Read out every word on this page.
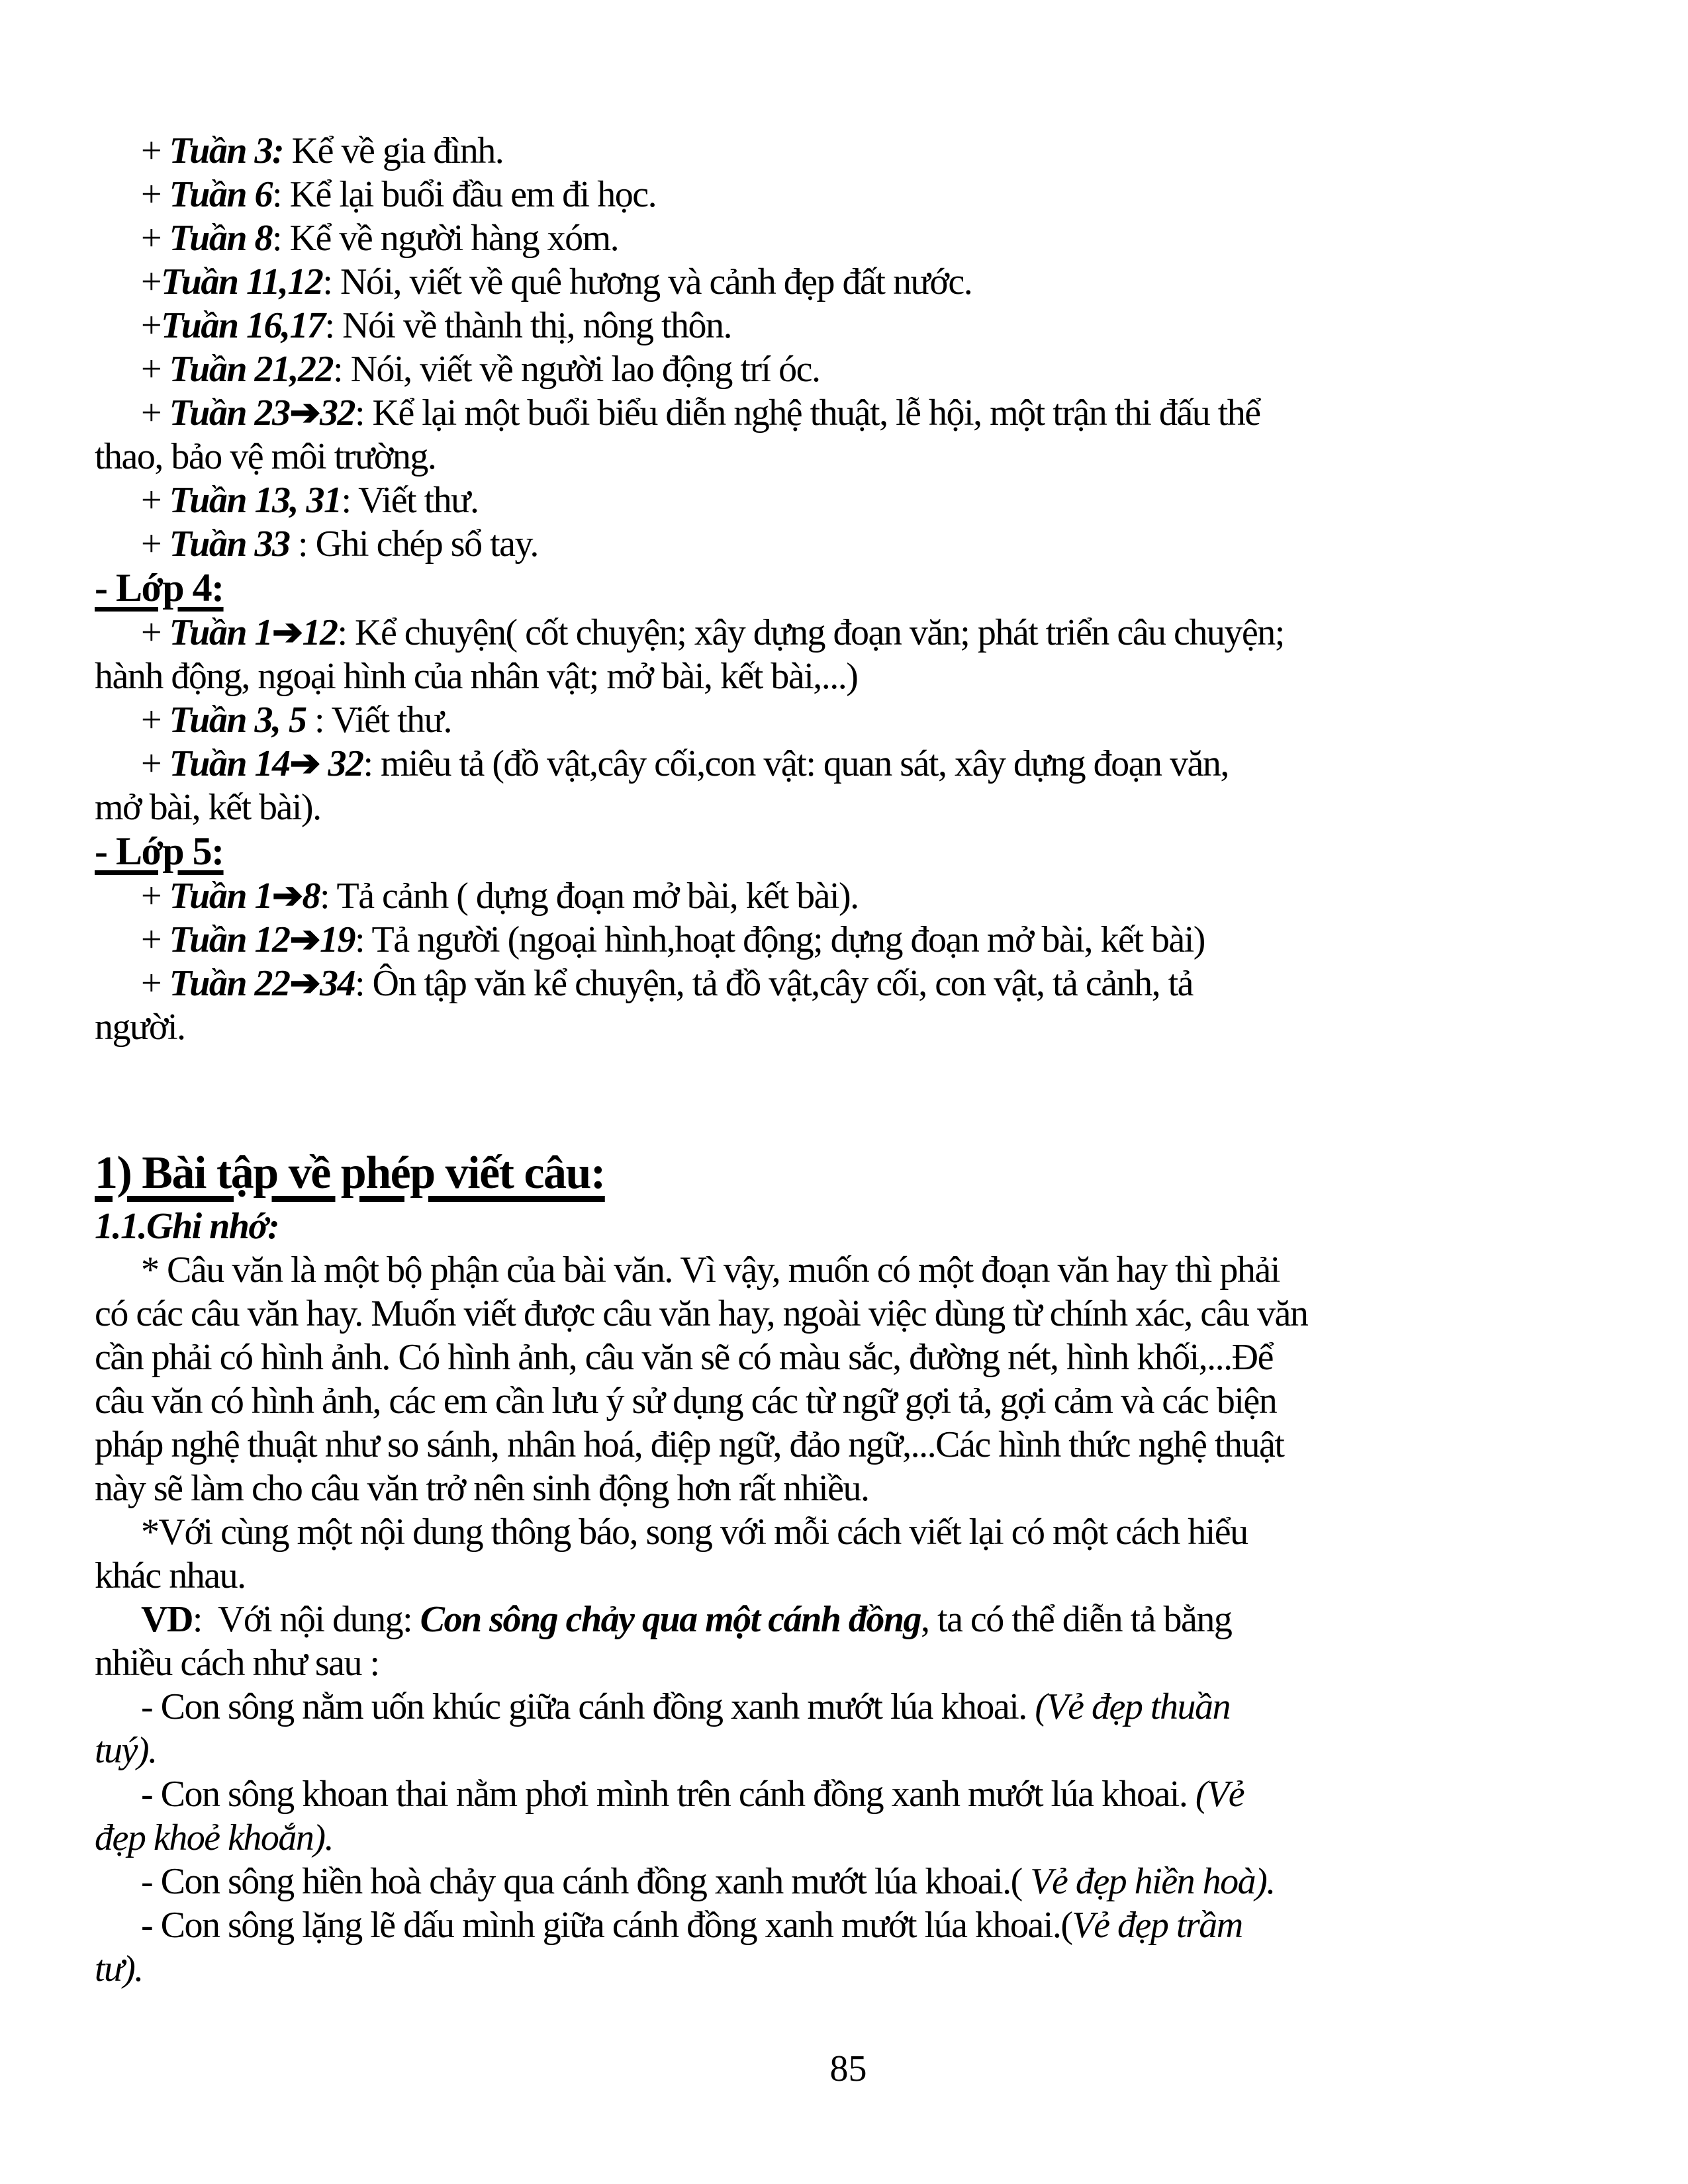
+ Tuần 3: Kể về gia đình.
+ Tuần 6: Kể lại buổi đầu em đi học.
+ Tuần 8: Kể về người hàng xóm.
+Tuần 11,12: Nói, viết về quê hương và cảnh đẹp đất nước.
+Tuần 16,17: Nói về thành thị, nông thôn.
+ Tuần 21,22: Nói, viết về người lao động trí óc.
+ Tuần 23➔32: Kể lại một buổi biểu diễn nghệ thuật, lễ hội, một trận thi đấu thể
thao, bảo vệ môi trường.
+ Tuần 13, 31: Viết thư.
+ Tuần 33 : Ghi chép sổ tay.
- Lớp 4:
+ Tuần 1➔12: Kể chuyện( cốt chuyện; xây dựng đoạn văn; phát triển câu chuyện;
hành động, ngoại hình của nhân vật; mở bài, kết bài,...)
+ Tuần 3, 5 : Viết thư.
+ Tuần 14➔ 32: miêu tả (đồ vật,cây cối,con vật: quan sát, xây dựng đoạn văn,
mở bài, kết bài).
- Lớp 5:
+ Tuần 1➔8: Tả cảnh ( dựng đoạn mở bài, kết bài).
+ Tuần 12➔19: Tả người (ngoại hình,hoạt động; dựng đoạn mở bài, kết bài)
+ Tuần 22➔34: Ôn tập văn kể chuyện, tả đồ vật,cây cối, con vật, tả cảnh, tả
người.
1) Bài tập về phép viết câu:
1.1.Ghi nhớ:
* Câu văn là một bộ phận của bài văn. Vì vậy, muốn có một đoạn văn hay thì phải
có các câu văn hay. Muốn viết được câu văn hay, ngoài việc dùng từ chính xác, câu văn
cần phải có hình ảnh. Có hình ảnh, câu văn sẽ có màu sắc, đường nét, hình khối,...Để
câu văn có hình ảnh, các em cần lưu ý sử dụng các từ ngữ gợi tả, gợi cảm và các biện
pháp nghệ thuật như so sánh, nhân hoá, điệp ngữ, đảo ngữ,...Các hình thức nghệ thuật
này sẽ làm cho câu văn trở nên sinh động hơn rất nhiều.
*Với cùng một nội dung thông báo, song với mỗi cách viết lại có một cách hiểu
khác nhau.
VD:  Với nội dung: Con sông chảy qua một cánh đồng, ta có thể diễn tả bằng
nhiều cách như sau :
- Con sông nằm uốn khúc giữa cánh đồng xanh mướt lúa khoai. (Vẻ đẹp thuần
tuý).
- Con sông khoan thai nằm phơi mình trên cánh đồng xanh mướt lúa khoai. (Vẻ
đẹp khoẻ khoắn).
- Con sông hiền hoà chảy qua cánh đồng xanh mướt lúa khoai.( Vẻ đẹp hiền hoà).
- Con sông lặng lẽ dấu mình giữa cánh đồng xanh mướt lúa khoai.(Vẻ đẹp trầm
tư).
85
